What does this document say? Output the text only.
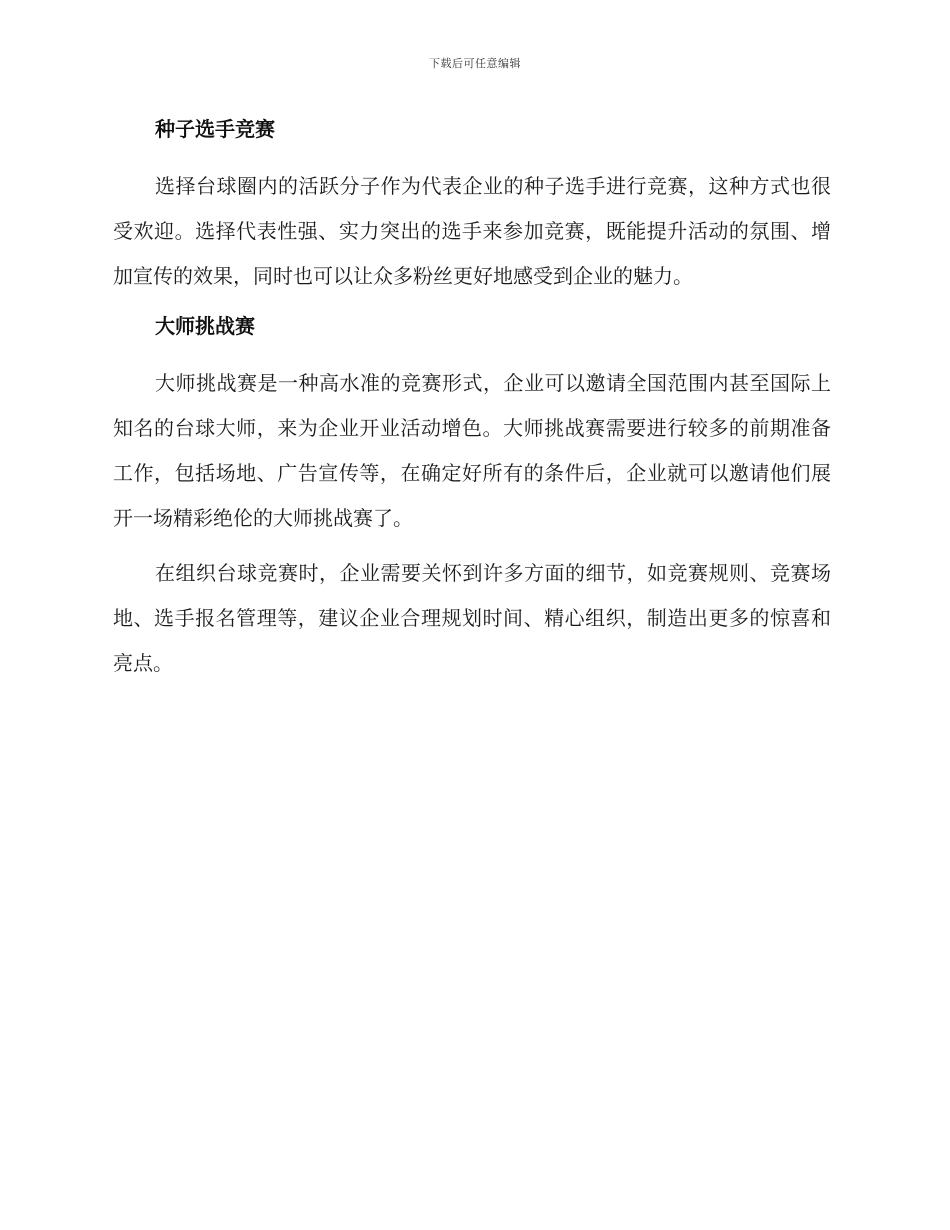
下载后可任意编辑
种子选手竞赛

选择台球圈内的活跃分子作为代表企业的种子选手进行竞赛，这种方式也很受欢迎。选择代表性强、实力突出的选手来参加竞赛，既能提升活动的氛围、增加宣传的效果，同时也可以让众多粉丝更好地感受到企业的魅力。

大师挑战赛

大师挑战赛是一种高水准的竞赛形式，企业可以邀请全国范围内甚至国际上知名的台球大师，来为企业开业活动增色。大师挑战赛需要进行较多的前期准备工作，包括场地、广告宣传等，在确定好所有的条件后，企业就可以邀请他们展开一场精彩绝伦的大师挑战赛了。

在组织台球竞赛时，企业需要关怀到许多方面的细节，如竞赛规则、竞赛场地、选手报名管理等，建议企业合理规划时间、精心组织，制造出更多的惊喜和亮点。
